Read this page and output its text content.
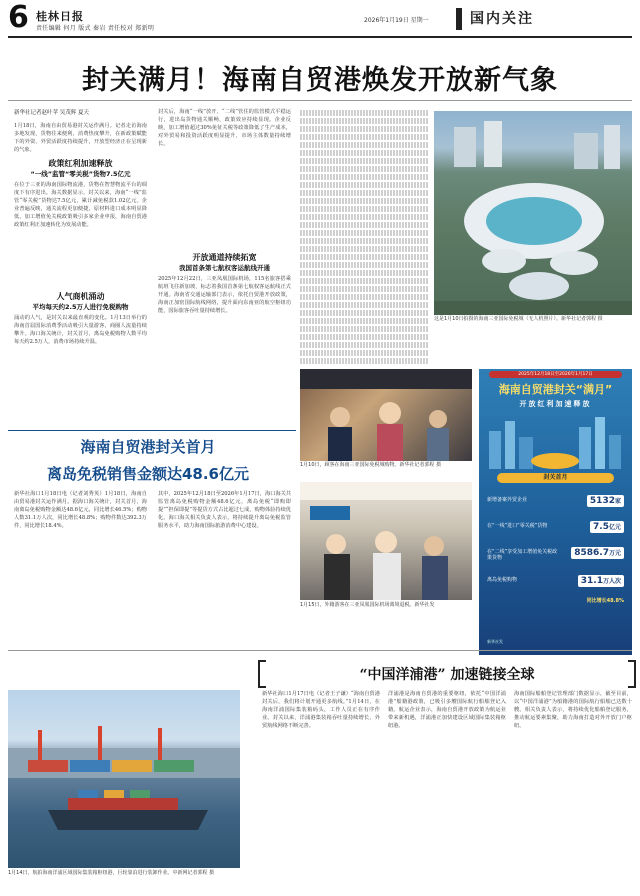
6 桂林日报
责任编辑 何月 版式 秦岩 责任校对 郑新明
2026年1月19日 星期一	国内关注
封关满月！海南自贸港焕发开放新气象
新华社记者赵叶苹 吴茂辉 夏天
1月18日，海南自由贸易港封关运作满月。记者走访海南多地发现，货物往来便利，消费热度攀升，在新政策赋能下的外资、外贸活跃度持续提升，开放型经济正在呈现新的气象。
政策红利加速释放
“一线”监管“零关税”货物7.5亿元
在位于三亚的海南国际物流港，货物在智慧物流平台的调度下有序进出。海关数据显示，封关以来，海南“一线”监管“零关税”货物达7.5亿元，累计减免税款1.02亿元。企业普遍反映，通关流程更加便捷，原材料进口成本明显降低，加工增值免关税政策吸引多家企业申报，海南自贸港政策红利正加速转化为发展动能。
人气商机涌动
平均每天约2.5万人进行免税购物
涌动的人气，是封关以来最直观的变化。1月13日举行的海南首届国际消费季活动吸引大量游客，商圈人流量持续攀升。海口海关统计，封关首月，离岛免税购物人数平均每天约2.5万人，消费市场持续升温。
封关后，海南“一线”放开、“二线”管住的监管模式平稳运行，进出岛货物通关顺畅，政策效应持续显现。企业反映，加工增值超过30%免征关税等政策降低了生产成本，对外贸易和投资活跃度明显提升，市场主体数量持续增长。
开放通道持续拓宽
我国首条第七航权客运航线开通
2025年12月22日，三亚凤凰国际机场，115名旅客搭乘航班飞往新加坡，标志着我国首条第七航权客运航线正式开通。海南省交通运输部门表示，依托自贸港开放政策，海南正加密国际航线网络，提升面向东南亚的航空枢纽功能，国际旅客吞吐量持续增长。
这是1月10日拍摄的海南三亚国际免税城（无人机照片）。新华社记者郭程 摄
1月10日，顾客在海南三亚国际免税城购物。新华社记者郭程 摄
1月15日，外籍游客在三亚凤凰国际机场离境退税。新华社发
2025年12月18日至2026年1月17日
海南自贸港封关“满月”
开放红利加速释放
封关首月
新增备案外贸企业	5132家
在“一线”进口“零关税”货物	7.5亿元
在“二线”享受加工增值免关税政策货物	8586.7万元
离岛免税购物	31.1万人次
同比增长48.8%
新华社发
海南自贸港封关首月
离岛免税销售金额达48.6亿元
新华社海口1月18日电（记者刘秀英）1月18日，海南自由贸易港封关运作满月。据海口海关统计，封关首月，海南离岛免税购物金额达48.6亿元，同比增长46.5%；购物人数31.1万人次，同比增长48.8%；购物件数达392.3万件，同比增长18.4%。
其中，2025年12月18日至2026年1月17日，海口海关共监管离岛免税购物金额48.6亿元，离岛免税“即购即提”“担保即提”等提货方式占比超过七成，购物体验持续优化。海口海关相关负责人表示，将持续提升离岛免税监管服务水平，助力海南国际旅游消费中心建设。
“中国洋浦港” 加速链接全球
1月14日，航拍海南洋浦区域国际集装箱枢纽港，巨轮靠泊进行装卸作业。中新网记者郭程 摄
新华社海口1月17日电（记者王子谦）“海南自贸港封关后，我们将计划开通更多航线。”1月14日，在海南洋浦国际集装箱码头，工作人员正在有序作业。封关以来，洋浦港集装箱吞吐量持续增长，外贸航线网络不断完善。
洋浦港是海南自贸港的重要枢纽，依托“中国洋浦港”船籍港政策，已吸引多艘国际航行船舶登记入籍。航运企业表示，海南自贸港开放政策为航运业带来新机遇，洋浦港正加快建设区域国际集装箱枢纽港。
海南国际船舶登记管理部门数据显示，截至目前，以“中国洋浦港”为船籍港的国际航行船舶已达数十艘。相关负责人表示，将持续优化船舶登记服务，推动航运要素集聚，助力海南打造对外开放门户枢纽。
